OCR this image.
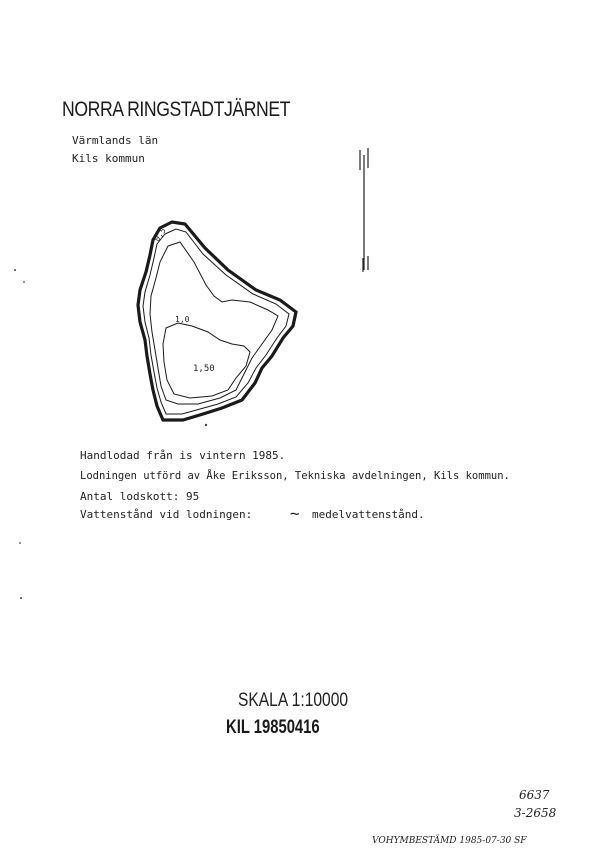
NORRA RINGSTADTJÄRNET
Värmlands län
Kils kommun
0,5
1,0
1,50
Handlodad från is vintern 1985.
Lodningen utförd av Åke Eriksson, Tekniska avdelningen, Kils kommun.
Antal lodskott: 95
Vattenstånd vid lodningen: ~ medelvattenstånd.
SKALA 1:10000
KIL 19850416
6637
3-2658
VOHYMBESTÄMD 1985-07-30 SF
